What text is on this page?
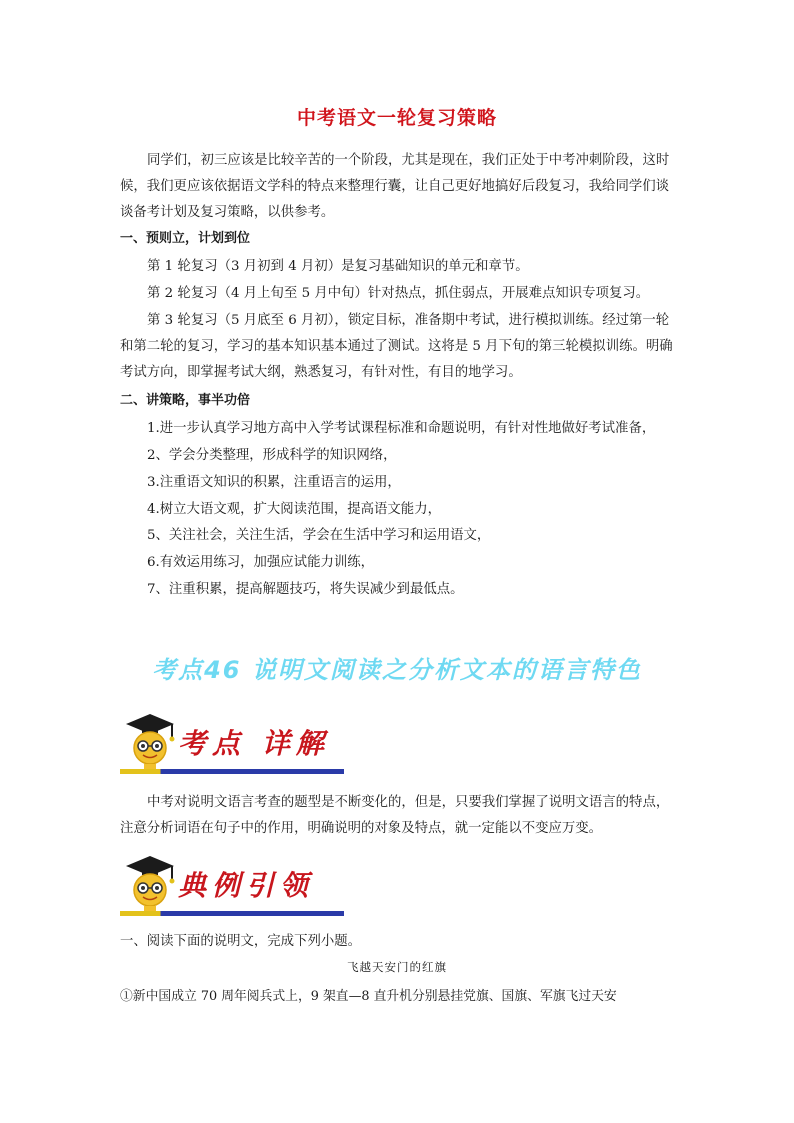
中考语文一轮复习策略

同学们，初三应该是比较辛苦的一个阶段，尤其是现在，我们正处于中考冲刺阶段，这时候，我们更应该依据语文学科的特点来整理行囊，让自己更好地搞好后段复习，我给同学们谈谈备考计划及复习策略，以供参考。

一、预则立，计划到位

第 1 轮复习（3 月初到 4 月初）是复习基础知识的单元和章节。

第 2 轮复习（4 月上旬至 5 月中旬）针对热点，抓住弱点，开展难点知识专项复习。

第 3 轮复习（5 月底至 6 月初），锁定目标，准备期中考试，进行模拟训练。经过第一轮和第二轮的复习，学习的基本知识基本通过了测试。这将是 5 月下旬的第三轮模拟训练。明确考试方向，即掌握考试大纲，熟悉复习，有针对性，有目的地学习。

二、讲策略，事半功倍
1.进一步认真学习地方高中入学考试课程标准和命题说明，有针对性地做好考试准备，
2、学会分类整理，形成科学的知识网络，
3.注重语文知识的积累，注重语言的运用，
4.树立大语文观，扩大阅读范围，提高语文能力，
5、关注社会，关注生活，学会在生活中学习和运用语文，
6.有效运用练习，加强应试能力训练，
7、注重积累，提高解题技巧，将失误减少到最低点。
考点46 说明文阅读之分析文本的语言特色
考点 详解

中考对说明文语言考查的题型是不断变化的，但是，只要我们掌握了说明文语言的特点，注意分析词语在句子中的作用，明确说明的对象及特点，就一定能以不变应万变。

典例引领

一、阅读下面的说明文，完成下列小题。

飞越天安门的红旗
①新中国成立 70 周年阅兵式上，9 架直—8 直升机分别悬挂党旗、国旗、军旗飞过天安
